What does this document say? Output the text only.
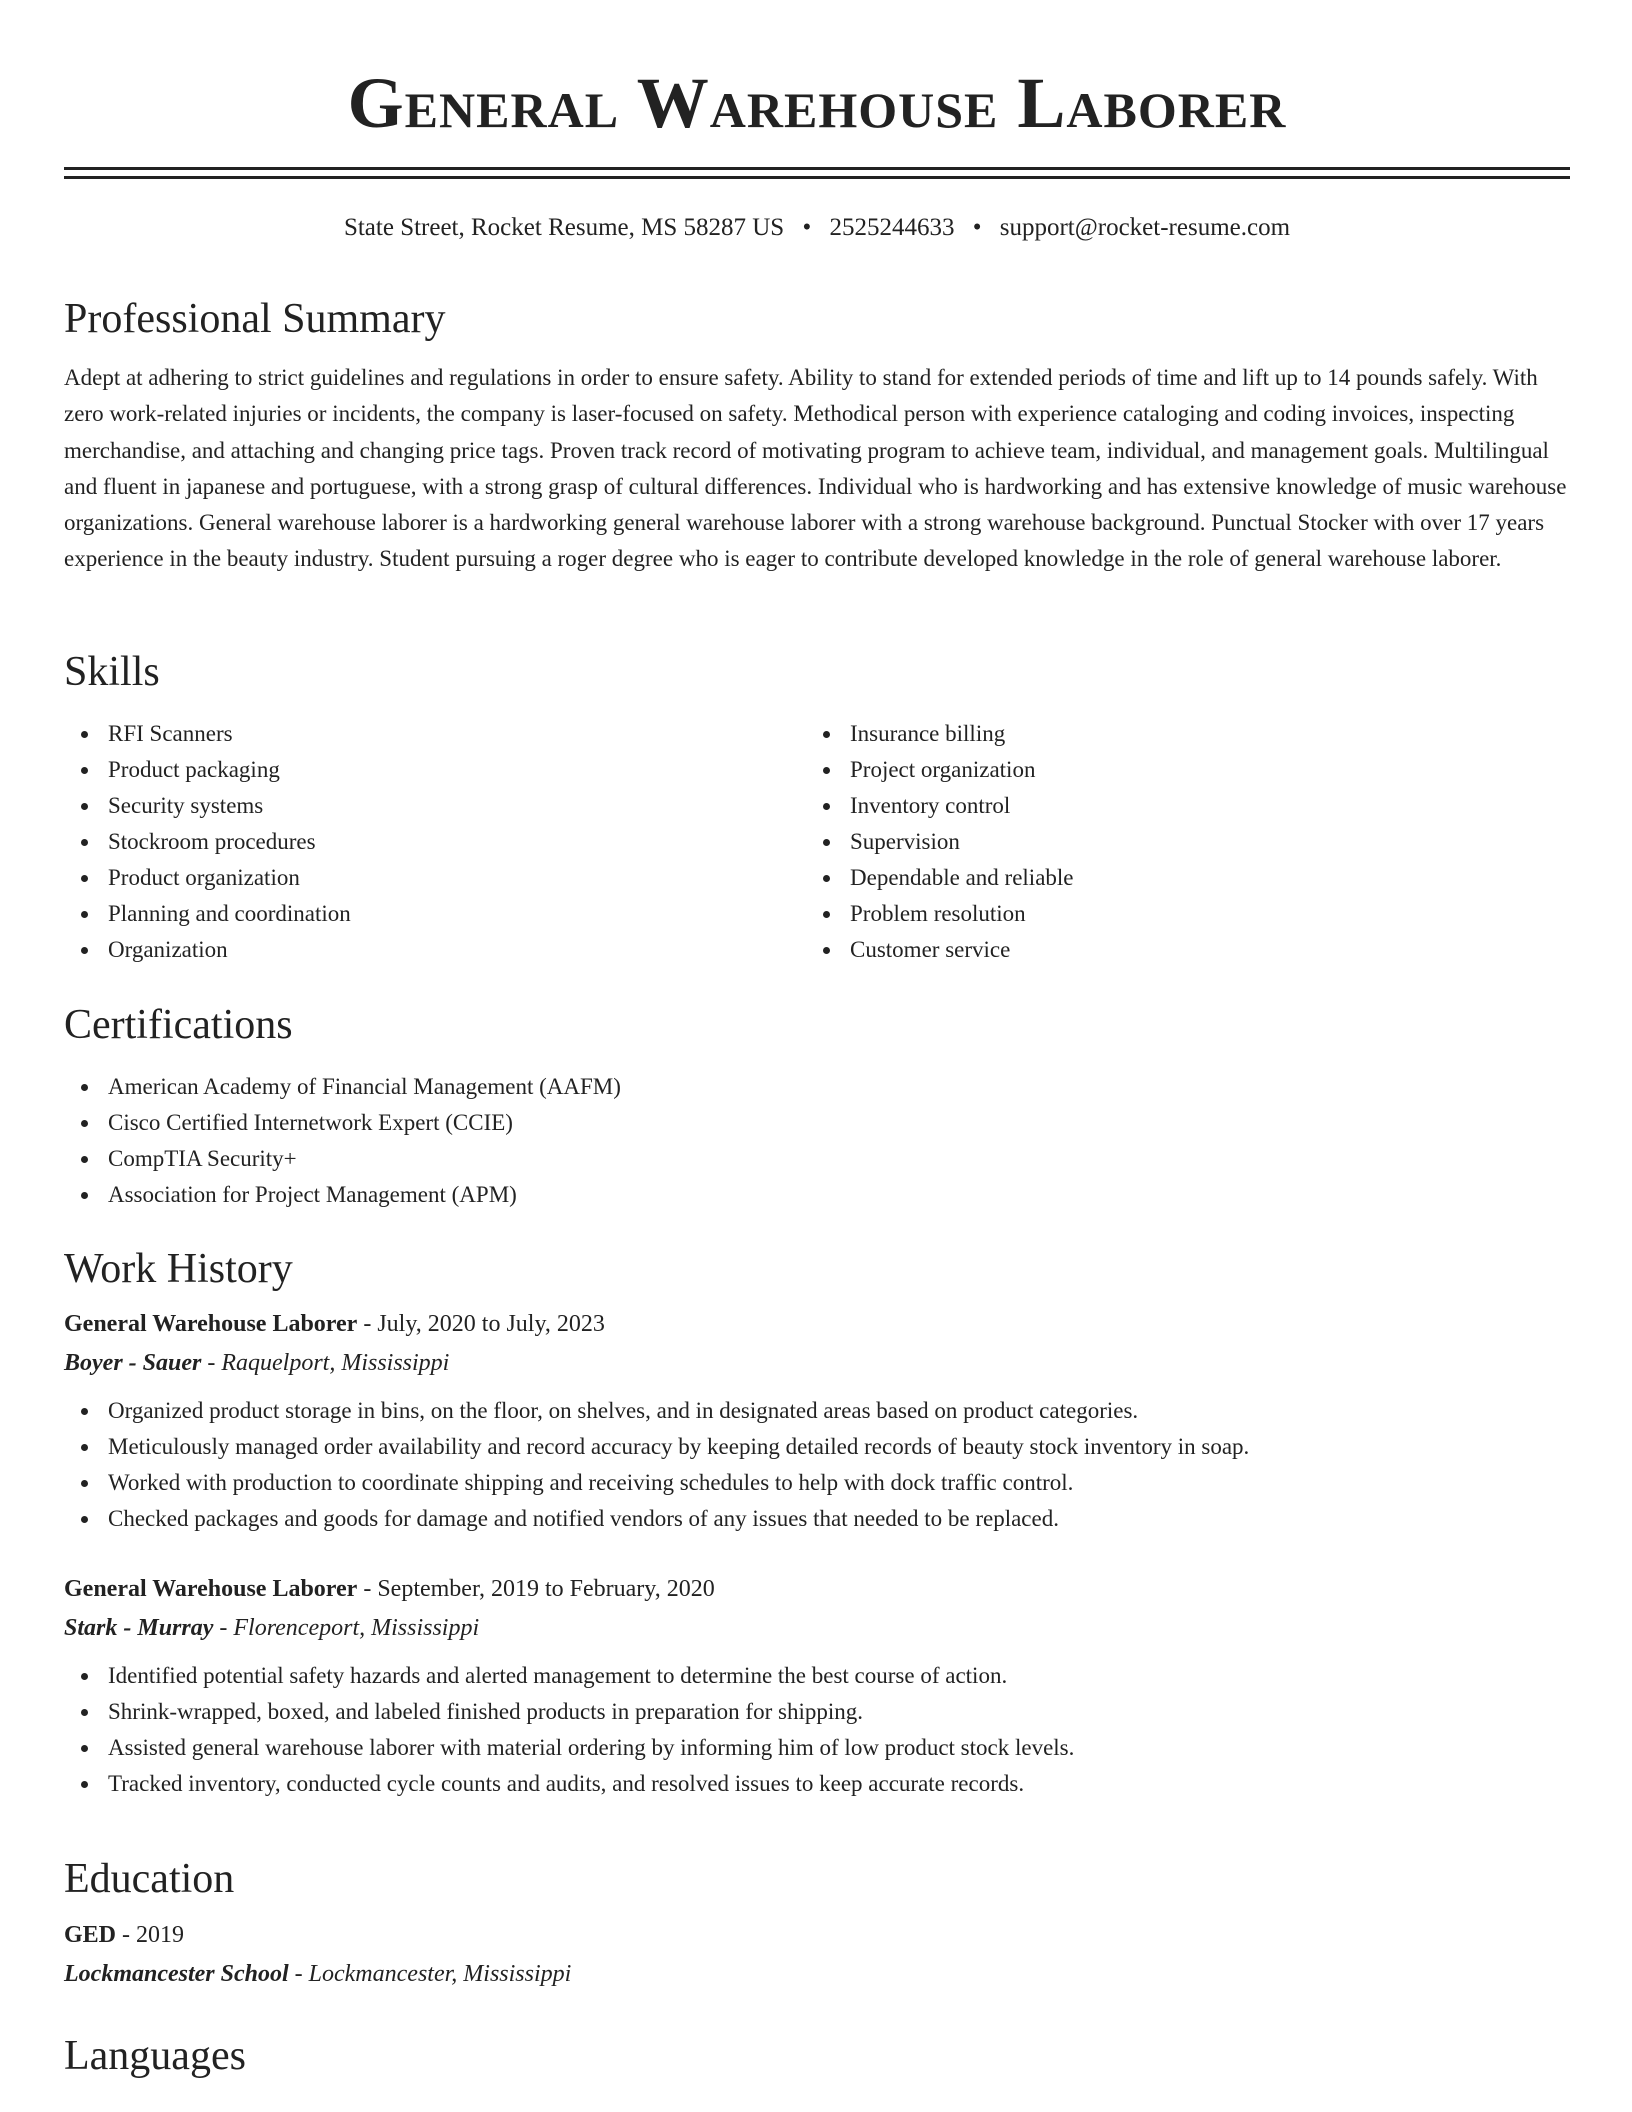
General Warehouse Laborer
State Street, Rocket Resume, MS 58287 US • 2525244633 • support@rocket-resume.com
Professional Summary

Adept at adhering to strict guidelines and regulations in order to ensure safety. Ability to stand for extended periods of time and lift up to 14 pounds safely. With zero work-related injuries or incidents, the company is laser-focused on safety. Methodical person with experience cataloging and coding invoices, inspecting merchandise, and attaching and changing price tags. Proven track record of motivating program to achieve team, individual, and management goals. Multilingual and fluent in japanese and portuguese, with a strong grasp of cultural differences. Individual who is hardworking and has extensive knowledge of music warehouse organizations. General warehouse laborer is a hardworking general warehouse laborer with a strong warehouse background. Punctual Stocker with over 17 years experience in the beauty industry. Student pursuing a roger degree who is eager to contribute developed knowledge in the role of general warehouse laborer.

Skills
RFI Scanners
Product packaging
Security systems
Stockroom procedures
Product organization
Planning and coordination
Organization
Insurance billing
Project organization
Inventory control
Supervision
Dependable and reliable
Problem resolution
Customer service
Certifications
American Academy of Financial Management (AAFM)
Cisco Certified Internetwork Expert (CCIE)
CompTIA Security+
Association for Project Management (APM)
Work History
General Warehouse Laborer - July, 2020 to July, 2023
Boyer - Sauer - Raquelport, Mississippi
Organized product storage in bins, on the floor, on shelves, and in designated areas based on product categories.
Meticulously managed order availability and record accuracy by keeping detailed records of beauty stock inventory in soap.
Worked with production to coordinate shipping and receiving schedules to help with dock traffic control.
Checked packages and goods for damage and notified vendors of any issues that needed to be replaced.
General Warehouse Laborer - September, 2019 to February, 2020
Stark - Murray - Florenceport, Mississippi
Identified potential safety hazards and alerted management to determine the best course of action.
Shrink-wrapped, boxed, and labeled finished products in preparation for shipping.
Assisted general warehouse laborer with material ordering by informing him of low product stock levels.
Tracked inventory, conducted cycle counts and audits, and resolved issues to keep accurate records.
Education
GED - 2019
Lockmancester School - Lockmancester, Mississippi
Languages
